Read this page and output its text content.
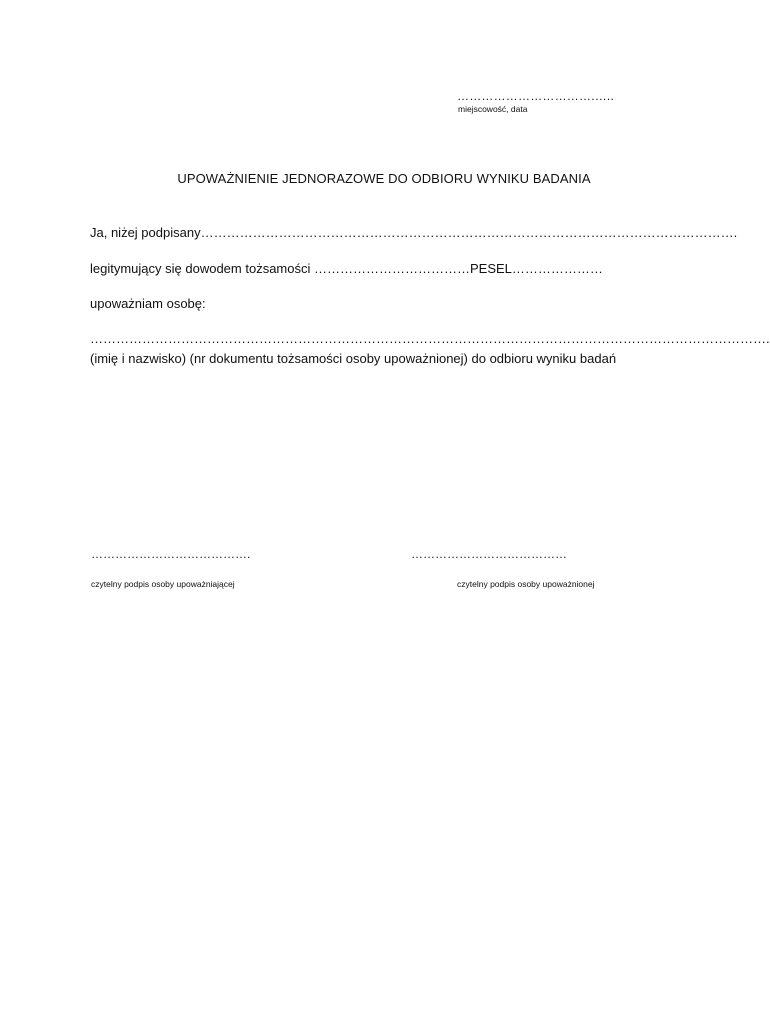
…………………………….…..
miejscowość, data
UPOWAŻNIENIE JEDNORAZOWE DO ODBIORU WYNIKU BADANIA
Ja, niżej podpisany…………………………………………………………………………………………………………….
legitymujący się dowodem tożsamości ………………………………PESEL…………………
upoważniam osobę:
………………………………………………………………………………………………………………………………………….
(imię i nazwisko) (nr dokumentu tożsamości osoby upoważnionej) do odbioru wyniku badań
………………………………….	…………………………………
czytelny podpis osoby upoważniającej	czytelny podpis osoby upoważnionej
